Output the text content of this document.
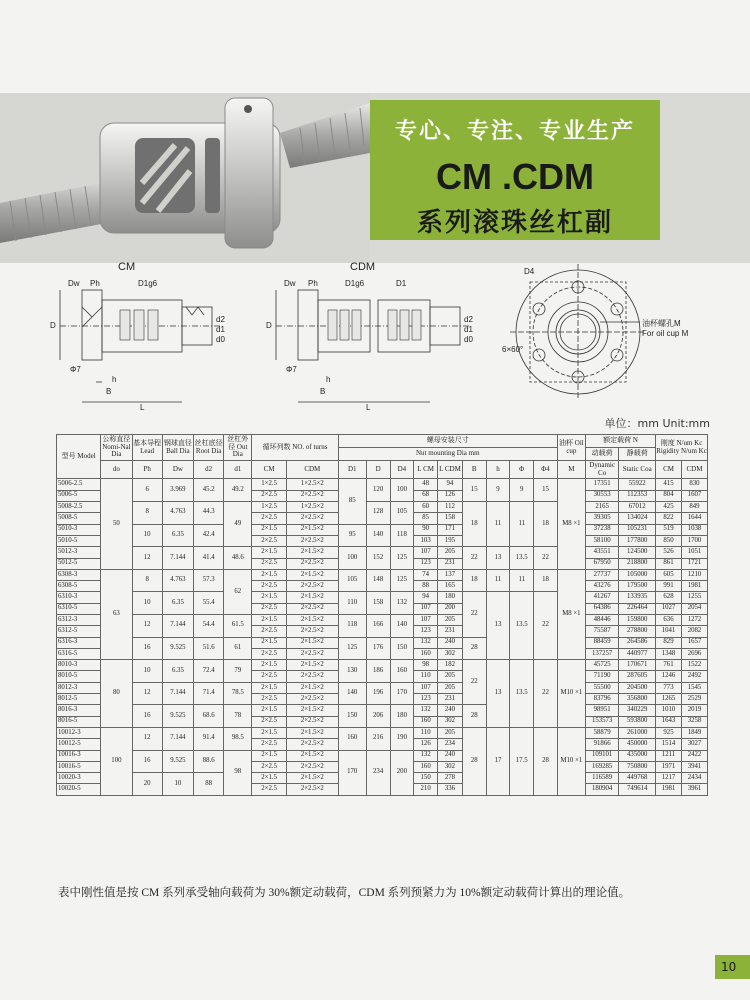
专心、专注、专业生产
CM .CDM
系列滚珠丝杠副
CM
Dw Ph	D1g6
D
d2
d1
d0
Φ7
h
B
L
CDM
Dw Ph	D1g6	D1
D
d2
d1
d0
Φ7
h
B
L
D4
6×60°
油杯螺孔M
For oil cup M
单位：mm Unit:mm
型号 Model	公称直径 Nomi-Nal Dia	基本导程 Lead	钢球直径 Ball Dia	丝杠底径 Root Dia	丝杠外径 Out Dia	循环列数 NO. of turns		螺母安装尺寸									油杯 Oil cup	额定载荷 N		刚度 N/um Kc Rigidity N/um Kc	
								Nut mounting Dia mm										动载荷	静载荷		
	do	Ph	Dw	d2	d1	CM	CDM	D1	D	D4	L CM	L CDM	B	h	Φ	Φ4	M	Dynamic Co	Static Coa	CM	CDM
5006-2.5	50	6	3.969	45.2	49.2	1×2.5	1×2.5×2	85	120	100	48	94	15	9	9	15	M8 ×1	17351	55922	415	830
5006-5						2×2.5	2×2.5×2				68	126						30553	112353	804	1607
5008-2.5		8	4.763	44.3	49	1×2.5	1×2.5×2		128	105	60	112	18	11	11	18		2165	67012	425	849
5008-5						2×2.5	2×2.5×2				85	158						39305	134024	822	1644
5010-3		10	6.35	42.4		2×1.5	2×1.5×2	95	140	118	90	171						37238	105231	519	1038
5010-5						2×2.5	2×2.5×2				103	195						58100	177800	850	1700
5012-3		12	7.144	41.4	48.6	2×1.5	2×1.5×2	100	152	125	107	205	22	13	13.5	22		43551	124500	526	1051
5012-5						2×2.5	2×2.5×2				123	231						67950	218800	861	1721
6308-3	63	8	4.763	57.3	62	2×1.5	2×1.5×2	105	148	125	74	137	18	11	11	18	M8 ×1	27737	105000	605	1210
6308-5						2×2.5	2×2.5×2				88	165						43276	179500	991	1981
6310-3		10	6.35	55.4		2×1.5	2×1.5×2	110	158	132	94	180	22	13	13.5	22		41267	133935	628	1255
6310-5						2×2.5	2×2.5×2				107	200						64386	226464	1027	2054
6312-3		12	7.144	54.4	61.5	2×1.5	2×1.5×2	118	166	140	107	205						48446	159800	636	1272
6312-5						2×2.5	2×2.5×2				123	231						75587	278800	1041	2082
6316-3		16	9.525	51.6	61	2×1.5	2×1.5×2	125	176	150	132	240	28					88459	264586	829	1657
6316-5						2×2.5	2×2.5×2				160	302						137257	440977	1348	2696
8010-3	80	10	6.35	72.4	79	2×1.5	2×1.5×2	130	186	160	98	182	22	13	13.5	22	M10 ×1	45725	170671	761	1522
8010-5						2×2.5	2×2.5×2				110	205						71190	287605	1246	2492
8012-3		12	7.144	71.4	78.5	2×1.5	2×1.5×2	140	196	170	107	205						55500	204500	773	1545
8012-5						2×2.5	2×2.5×2				123	231						83796	356800	1265	2529
8016-3		16	9.525	68.6	78	2×1.5	2×1.5×2	150	206	180	132	240	28					98951	340229	1010	2019
8016-5						2×2.5	2×2.5×2				160	302						153573	593800	1643	3258
10012-3	100	12	7.144	91.4	98.5	2×1.5	2×1.5×2	160	216	190	110	205	28	17	17.5	28	M10 ×1	58879	261000	925	1849
10012-5						2×2.5	2×2.5×2				126	234						91866	450000	1514	3027
10016-3		16	9.525	88.6	98	2×1.5	2×1.5×2	170	234	200	132	240						109101	435000	1211	2422
10016-5						2×2.5	2×2.5×2				160	302						169285	750800	1971	3941
10020-3		20	10	88		2×1.5	2×1.5×2				150	278						116589	449768	1217	2434
10020-5						2×2.5	2×2.5×2				210	336						180904	749614	1981	3961
表中刚性值是按 CM 系列承受轴向载荷为 30%额定动载荷，CDM 系列预紧力为 10%额定动载荷计算出的理论值。
10
